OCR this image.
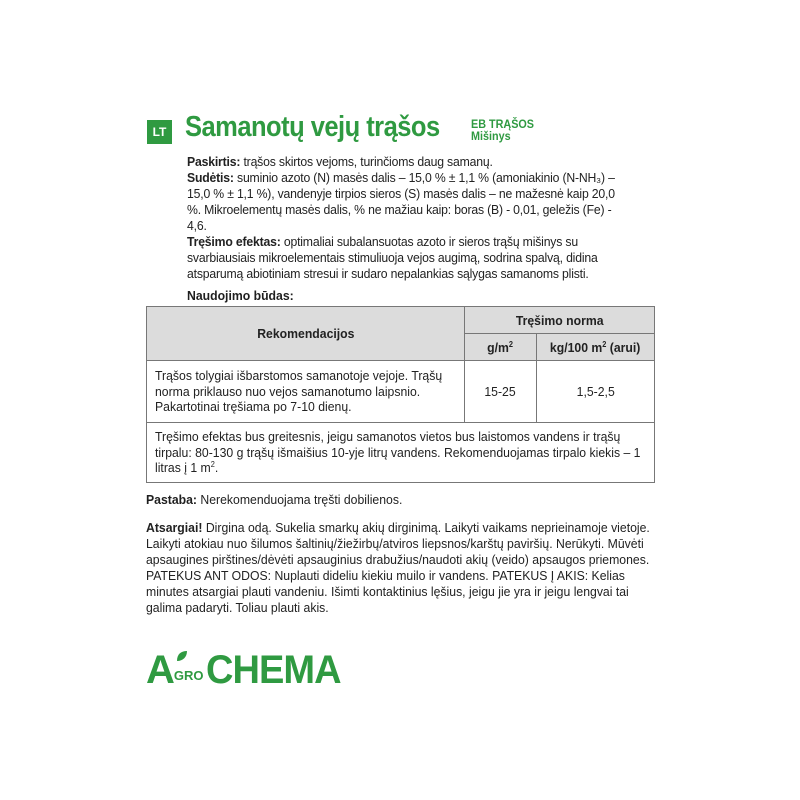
LT Samanotų vejų trąšos	EB TRĄŠOS
Mišinys
Paskirtis: trąšos skirtos vejoms, turinčioms daug samanų.
Sudėtis: suminio azoto (N) masės dalis – 15,0 % ± 1,1 % (amoniakinio (N-NH₃) – 15,0 % ± 1,1 %), vandenyje tirpios sieros (S) masės dalis – ne mažesnė kaip 20,0 %. Mikroelementų masės dalis, % ne mažiau kaip: boras (B) - 0,01, geležis (Fe) - 4,6.
Tręšimo efektas: optimaliai subalansuotas azoto ir sieros trąšų mišinys su svarbiausiais mikroelementais stimuliuoja vejos augimą, sodrina spalvą, didina atsparumą abiotiniam stresui ir sudaro nepalankias sąlygas samanoms plisti.
Naudojimo būdas:
Rekomendacijos	Tręšimo norma	
	$g/m^2$	kg/100 $m^2$ (arui)
Trąšos tolygiai išbarstomos samanotoje vejoje. Trąšų norma priklauso nuo vejos samanotumo laipsnio. Pakartotinai tręšiama po 7-10 dienų.	15-25	1,5-2,5
Tręšimo efektas bus greitesnis, jeigu samanotos vietos bus laistomos vandens ir trąšų tirpalu: 80-130 g trąšų išmaišius 10-yje litrų vandens. Rekomenduojamas tirpalo kiekis – 1 litras į 1 $m^2$.		
Pastaba: Nerekomenduojama tręšti dobilienos.
Atsargiai! Dirgina odą. Sukelia smarkų akių dirginimą. Laikyti vaikams neprieinamoje vietoje. Laikyti atokiau nuo šilumos šaltinių/žiežirbų/atviros liepsnos/karštų paviršių. Nerūkyti. Mūvėti apsaugines pirštines/dėvėti apsauginius drabužius/naudoti akių (veido) apsaugos priemones. PATEKUS ANT ODOS: Nuplauti dideliu kiekiu muilo ir vandens. PATEKUS Į AKIS: Kelias minutes atsargiai plauti vandeniu. Išimti kontaktinius lęšius, jeigu jie yra ir jeigu lengvai tai galima padaryti. Toliau plauti akis.
A GRO CHEMA
